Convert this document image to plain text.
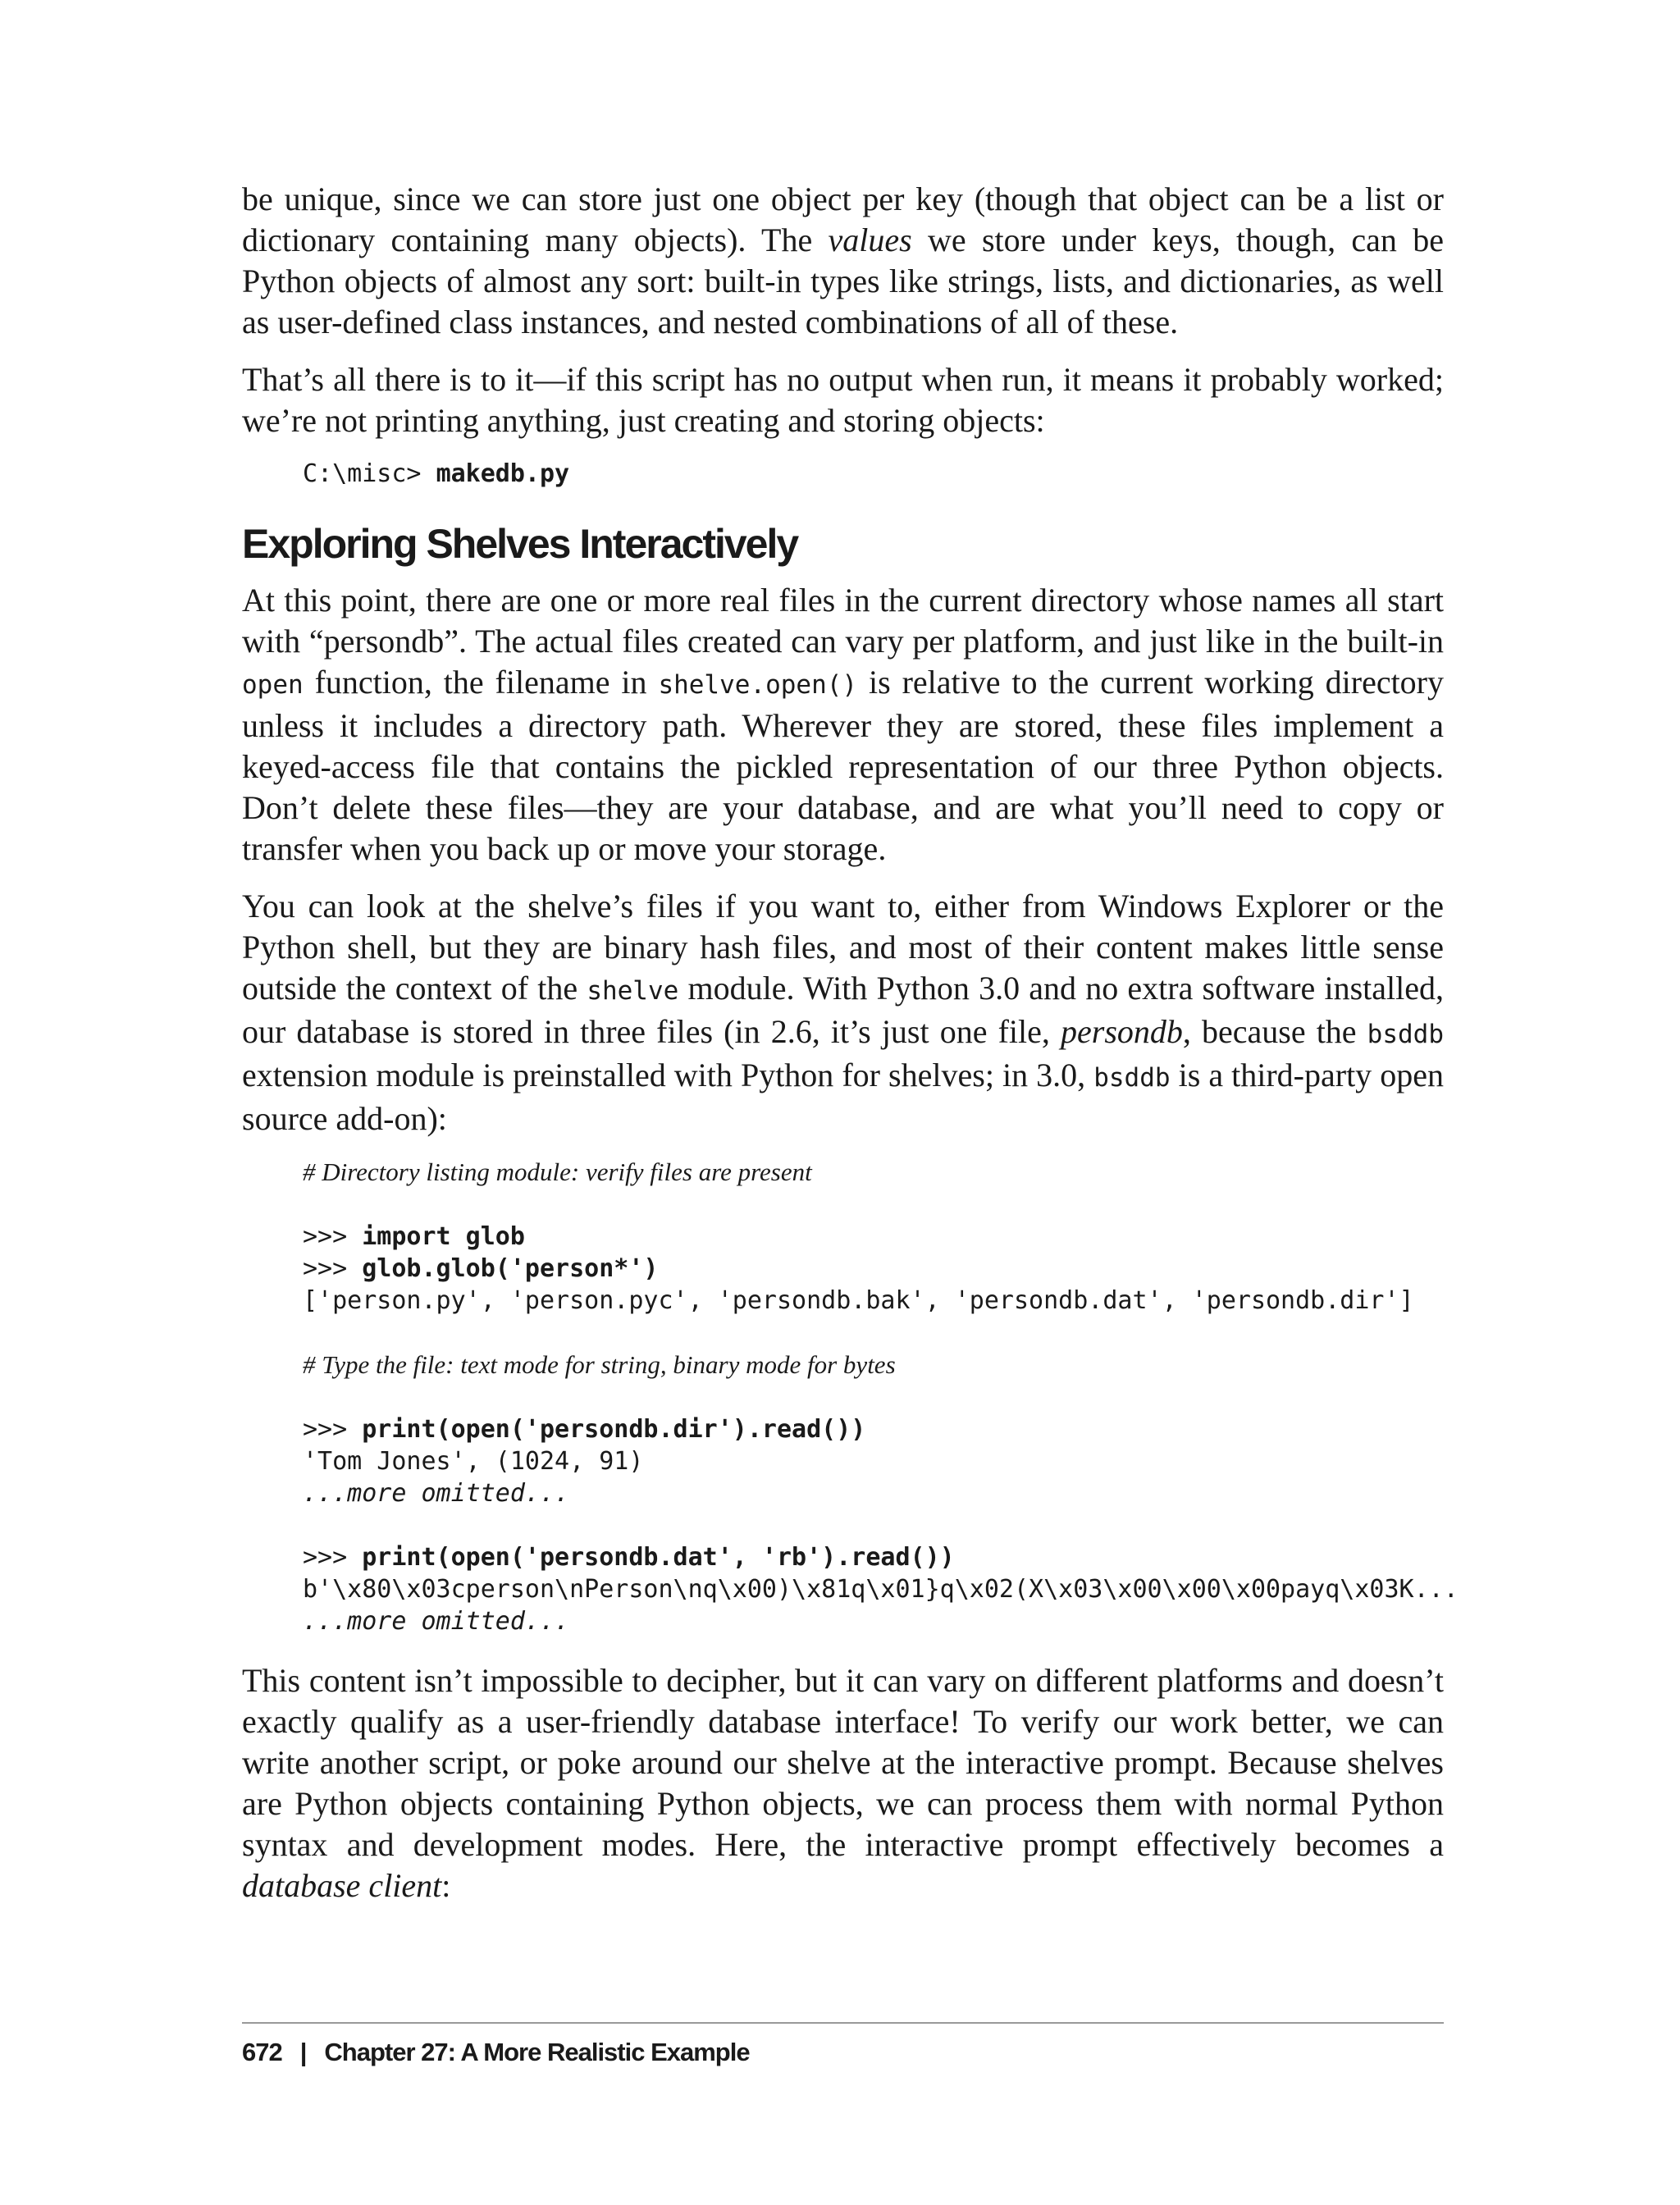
be unique, since we can store just one object per key (though that object can be a list or dictionary containing many objects). The values we store under keys, though, can be Python objects of almost any sort: built-in types like strings, lists, and dictionaries, as well as user-defined class instances, and nested combinations of all of these.

That’s all there is to it—if this script has no output when run, it means it probably worked; we’re not printing anything, just creating and storing objects:

C:\misc> makedb.py
Exploring Shelves Interactively

At this point, there are one or more real files in the current directory whose names all start with “persondb”. The actual files created can vary per platform, and just like in the built-in open function, the filename in shelve.open() is relative to the current working directory unless it includes a directory path. Wherever they are stored, these files implement a keyed-access file that contains the pickled representation of our three Python objects. Don’t delete these files—they are your database, and are what you’ll need to copy or transfer when you back up or move your storage.

You can look at the shelve’s files if you want to, either from Windows Explorer or the Python shell, but they are binary hash files, and most of their content makes little sense outside the context of the shelve module. With Python 3.0 and no extra software installed, our database is stored in three files (in 2.6, it’s just one file, persondb, because the bsddb extension module is preinstalled with Python for shelves; in 3.0, bsddb is a third-party open source add-on):

# Directory listing module: verify files are present

>>> import glob
>>> glob.glob('person*')
['person.py', 'person.pyc', 'persondb.bak', 'persondb.dat', 'persondb.dir']

# Type the file: text mode for string, binary mode for bytes

>>> print(open('persondb.dir').read())
'Tom Jones', (1024, 91)
...more omitted...

>>> print(open('persondb.dat', 'rb').read())
b'\x80\x03cperson\nPerson\nq\x00)\x81q\x01}q\x02(X\x03\x00\x00\x00payq\x03K...
...more omitted...

This content isn’t impossible to decipher, but it can vary on different platforms and doesn’t exactly qualify as a user-friendly database interface! To verify our work better, we can write another script, or poke around our shelve at the interactive prompt. Because shelves are Python objects containing Python objects, we can process them with normal Python syntax and development modes. Here, the interactive prompt effectively becomes a database client:

672 | Chapter 27: A More Realistic Example
